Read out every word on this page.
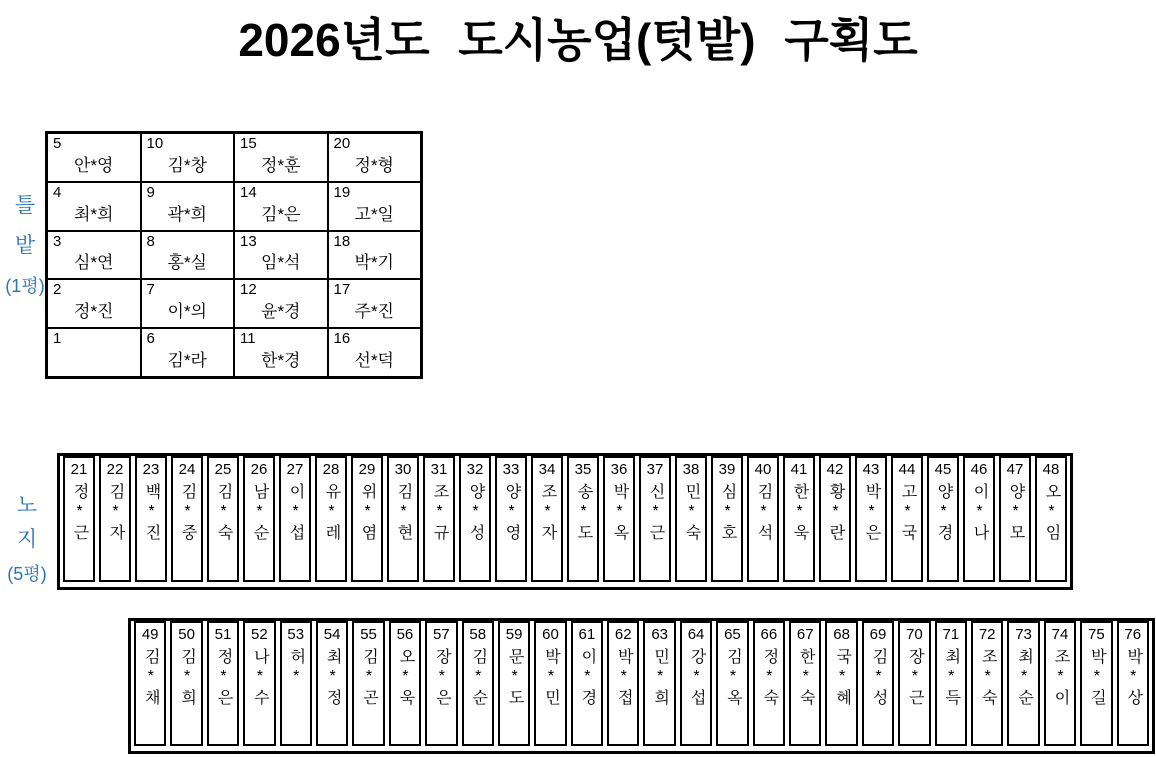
2026년도 도시농업(텃밭) 구획도
틀
밭
(1평)
5
안*영
10
김*창
15
정*훈
20
정*형
4
최*희
9
곽*희
14
김*은
19
고*일
3
심*연
8
홍*실
13
임*석
18
박*기
2
정*진
7
이*의
12
윤*경
17
주*진
1	6
김*라
11
한*경
16
선*덕
노
지
(5평)
21
정*근
22
김*자
23
백*진
24
김*중
25
김*숙
26
남*순
27
이*섭
28
유*레
29
위*염
30
김*현
31
조*규
32
양*성
33
양*영
34
조*자
35
송*도
36
박*옥
37
신*근
38
민*숙
39
심*호
40
김*석
41
한*욱
42
황*란
43
박*은
44
고*국
45
양*경
46
이*나
47
양*모
48
오*임
49
김*채
50
김*희
51
정*은
52
나*수
53
허*
54
최*정
55
김*곤
56
오*욱
57
장*은
58
김*순
59
문*도
60
박*민
61
이*경
62
박*접
63
민*희
64
강*섭
65
김*옥
66
정*숙
67
한*숙
68
국*혜
69
김*성
70
장*근
71
최*득
72
조*숙
73
최*순
74
조*이
75
박*길
76
박*상
